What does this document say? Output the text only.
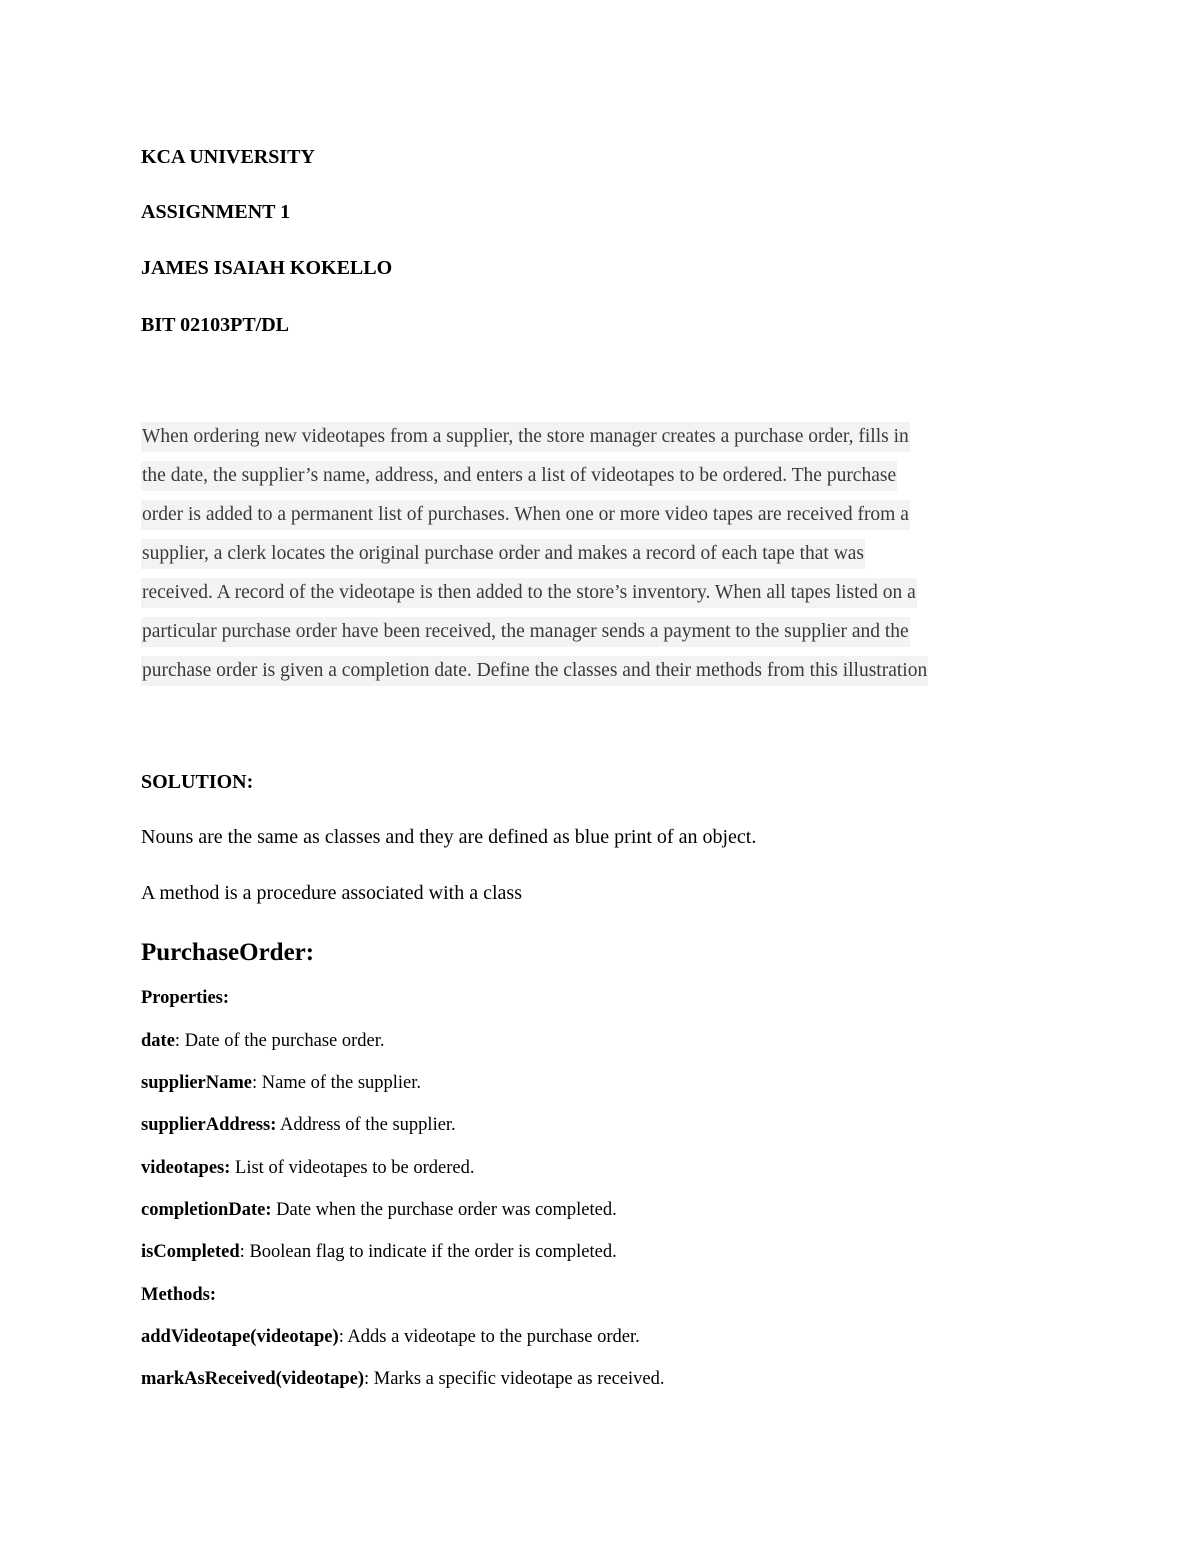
KCA UNIVERSITY
ASSIGNMENT 1
JAMES ISAIAH KOKELLO
BIT 02103PT/DL
When ordering new videotapes from a supplier, the store manager creates a purchase order, fills in
the date, the supplier’s name, address, and enters a list of videotapes to be ordered. The purchase
order is added to a permanent list of purchases. When one or more video tapes are received from a
supplier, a clerk locates the original purchase order and makes a record of each tape that was
received. A record of the videotape is then added to the store’s inventory. When all tapes listed on a
particular purchase order have been received, the manager sends a payment to the supplier and the
purchase order is given a completion date. Define the classes and their methods from this illustration
SOLUTION:
Nouns are the same as classes and they are defined as blue print of an object.
A method is a procedure associated with a class
PurchaseOrder:
Properties:
date: Date of the purchase order.
supplierName: Name of the supplier.
supplierAddress: Address of the supplier.
videotapes: List of videotapes to be ordered.
completionDate: Date when the purchase order was completed.
isCompleted: Boolean flag to indicate if the order is completed.
Methods:
addVideotape(videotape): Adds a videotape to the purchase order.
markAsReceived(videotape): Marks a specific videotape as received.
